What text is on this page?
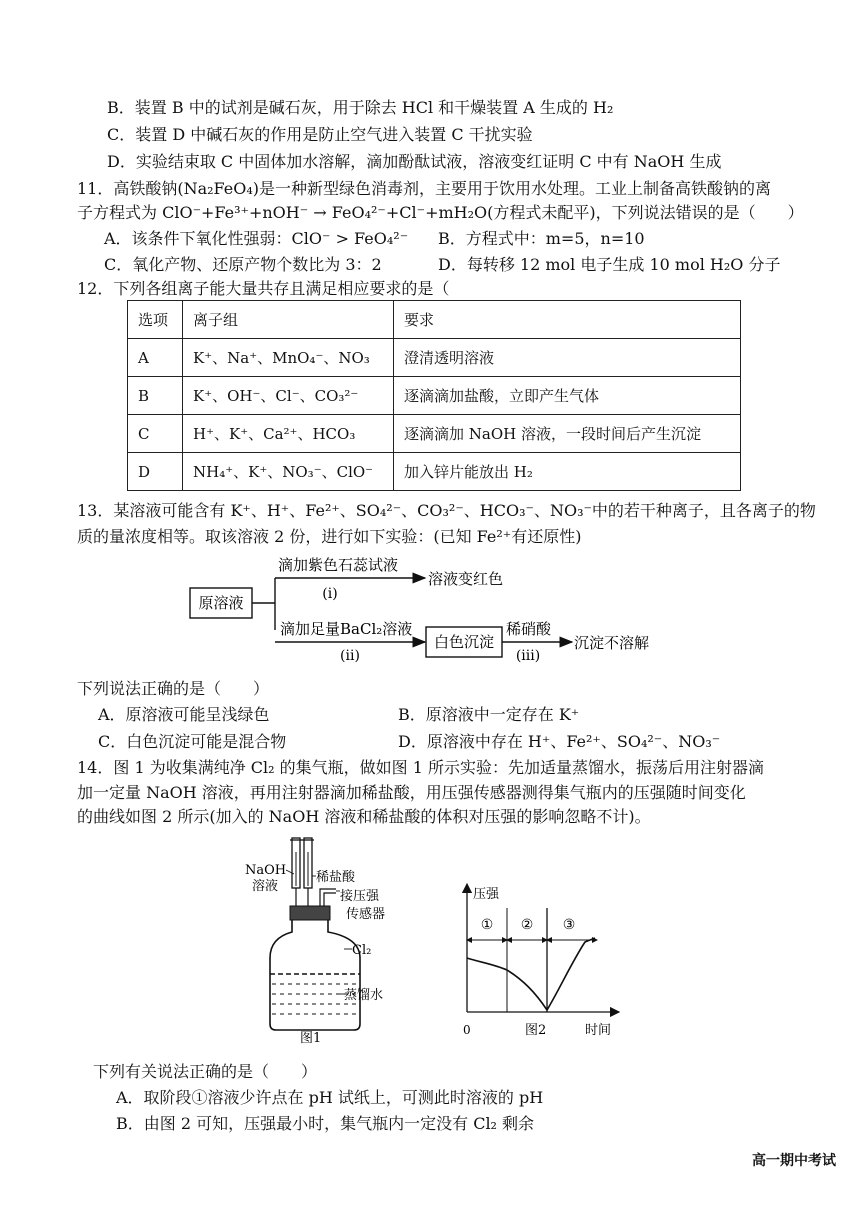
B．装置 B 中的试剂是碱石灰，用于除去 HCl 和干燥装置 A 生成的 H₂
C．装置 D 中碱石灰的作用是防止空气进入装置 C 干扰实验
D．实验结束取 C 中固体加水溶解，滴加酚酞试液，溶液变红证明 C 中有 NaOH 生成
11．高铁酸钠(Na₂FeO₄)是一种新型绿色消毒剂，主要用于饮用水处理。工业上制备高铁酸钠的离
子方程式为 ClO⁻+Fe³⁺+nOH⁻ → FeO₄²⁻+Cl⁻+mH₂O(方程式未配平)，下列说法错误的是（　　）
A．该条件下氧化性强弱：ClO⁻ > FeO₄²⁻ B．方程式中：m=5，n=10
C．氧化产物、还原产物个数比为 3：2	D．每转移 12 mol 电子生成 10 mol H₂O 分子
12．下列各组离子能大量共存且满足相应要求的是（
选项	离子组	要求
A	K⁺、Na⁺、MnO₄⁻、NO₃	澄清透明溶液
B	K⁺、OH⁻、Cl⁻、CO₃²⁻	逐滴滴加盐酸，立即产生气体
C	H⁺、K⁺、Ca²⁺、HCO₃	逐滴滴加 NaOH 溶液，一段时间后产生沉淀
D	NH₄⁺、K⁺、NO₃⁻、ClO⁻	加入锌片能放出 H₂
13．某溶液可能含有 K⁺、H⁺、Fe²⁺、SO₄²⁻、CO₃²⁻、HCO₃⁻、NO₃⁻中的若干种离子，且各离子的物
质的量浓度相等。取该溶液 2 份，进行如下实验：(已知 Fe²⁺有还原性)
原溶液
滴加紫色石蕊试液
(i)
溶液变红色
滴加足量BaCl₂溶液
(ii)
白色沉淀
稀硝酸
(iii)
沉淀不溶解
下列说法正确的是（　　）
A．原溶液可能呈浅绿色	B．原溶液中一定存在 K⁺
C．白色沉淀可能是混合物	D．原溶液中存在 H⁺、Fe²⁺、SO₄²⁻、NO₃⁻
14．图 1 为收集满纯净 Cl₂ 的集气瓶，做如图 1 所示实验：先加适量蒸馏水，振荡后用注射器滴
加一定量 NaOH 溶液，再用注射器滴加稀盐酸，用压强传感器测得集气瓶内的压强随时间变化
的曲线如图 2 所示(加入的 NaOH 溶液和稀盐酸的体积对压强的影响忽略不计)。
NaOH
溶液
稀盐酸
接压强
传感器
Cl₂
蒸馏水
图1
压强
时间
0	图2
① ② ③
下列有关说法正确的是（　　）
A．取阶段①溶液少许点在 pH 试纸上，可测此时溶液的 pH
B．由图 2 可知，压强最小时，集气瓶内一定没有 Cl₂ 剩余
高一期中考试
